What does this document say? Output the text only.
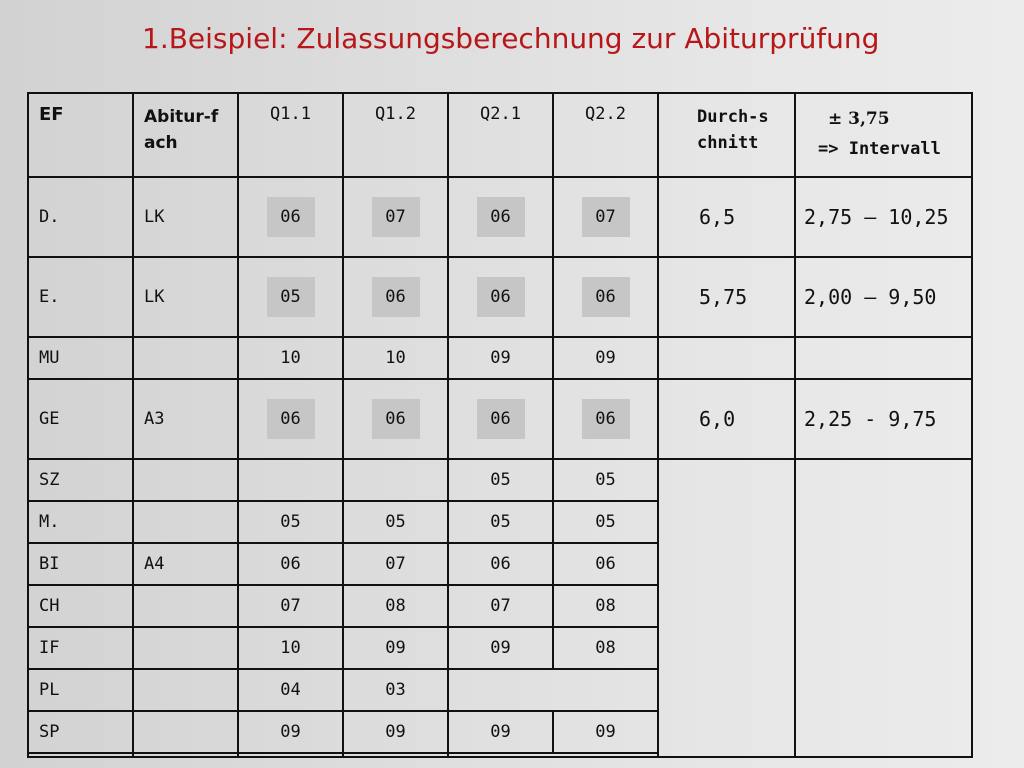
1.Beispiel: Zulassungsberechnung zur Abiturprüfung
EF	Abitur-fach	Q1.1	Q1.2	Q2.1	Q2.2	Durch-schnitt	± 3,75
=> Intervall

D.	LK	06	07	06	07	6,5	2,75 – 10,25
E.	LK	05	06	06	06	5,75	2,00 – 9,50
MU		10	10	09	09		
GE	A3	06	06	06	06	6,0	2,25 - 9,75
SZ				05	05		
M.		05	05	05	05		
BI	A4	06	07	06	06		
CH		07	08	07	08		
IF		10	09	09	08		
PL		04	03				
SP		09	09	09	09		
